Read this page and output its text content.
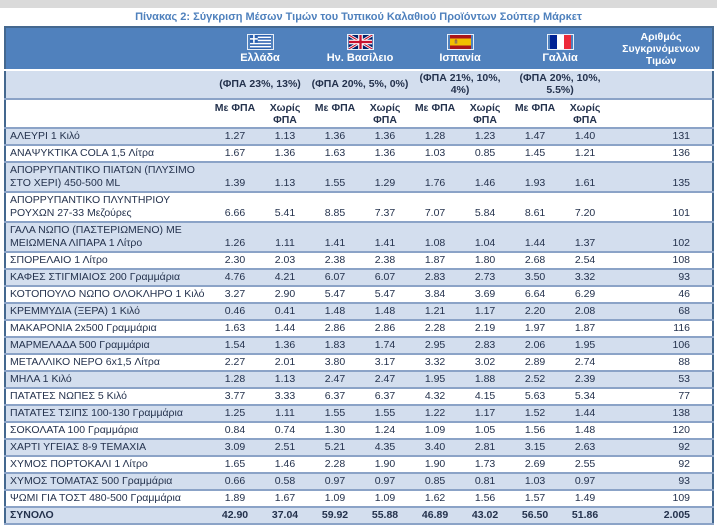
Πίνακας 2: Σύγκριση Μέσων Τιμών του Τυπικού Καλαθιού Προϊόντων Σούπερ Μάρκετ

	Ελλάδα		Ην. Βασίλειο		Ισπανία		Γαλλία		Αριθμός Συγκρινόμενων Τιμών

	(ΦΠΑ 23%, 13%)		(ΦΠΑ 20%, 5%, 0%)		(ΦΠΑ 21%, 10%, 4%)		(ΦΠΑ 20%, 10%, 5.5%)		
	Με ΦΠΑ	Χωρίς ΦΠΑ	Με ΦΠΑ	Χωρίς ΦΠΑ	Με ΦΠΑ	Χωρίς ΦΠΑ	Με ΦΠΑ	Χωρίς ΦΠΑ	
ΑΛΕΥΡΙ 1 Κιλό	1.27	1.13	1.36	1.36	1.28	1.23	1.47	1.40	131
ΑΝΑΨΥΚΤΙΚΑ COLA 1,5 Λίτρα	1.67	1.36	1.63	1.36	1.03	0.85	1.45	1.21	136
ΑΠΟΡΡΥΠΑΝΤΙΚΟ ΠΙΑΤΩΝ (ΠΛΥΣΙΜΟ ΣΤΟ ΧΕΡΙ) 450-500 ML	1.39	1.13	1.55	1.29	1.76	1.46	1.93	1.61	135
ΑΠΟΡΡΥΠΑΝΤΙΚΟ ΠΛΥΝΤΗΡΙΟΥ ΡΟΥΧΩΝ 27-33 Μεζούρες	6.66	5.41	8.85	7.37	7.07	5.84	8.61	7.20	101
ΓΑΛΑ ΝΩΠΟ (ΠΑΣΤΕΡΙΩΜΕΝΟ) ΜΕ ΜΕΙΩΜΕΝΑ ΛΙΠΑΡΑ 1 Λίτρο	1.26	1.11	1.41	1.41	1.08	1.04	1.44	1.37	102
ΣΠΟΡΕΛΑΙΟ 1 Λίτρο	2.30	2.03	2.38	2.38	1.87	1.80	2.68	2.54	108
ΚΑΦΕΣ ΣΤΙΓΜΙΑΙΟΣ 200 Γραμμάρια	4.76	4.21	6.07	6.07	2.83	2.73	3.50	3.32	93
ΚΟΤΟΠΟΥΛΟ ΝΩΠΟ ΟΛΟΚΛΗΡΟ 1 Κιλό	3.27	2.90	5.47	5.47	3.84	3.69	6.64	6.29	46
ΚΡΕΜΜΥΔΙΑ (ΞΕΡΑ) 1 Κιλό	0.46	0.41	1.48	1.48	1.21	1.17	2.20	2.08	68
ΜΑΚΑΡΟΝΙΑ 2x500 Γραμμάρια	1.63	1.44	2.86	2.86	2.28	2.19	1.97	1.87	116
ΜΑΡΜΕΛΑΔΑ 500 Γραμμάρια	1.54	1.36	1.83	1.74	2.95	2.83	2.06	1.95	106
ΜΕΤΑΛΛΙΚΟ ΝΕΡΟ 6x1,5 Λίτρα	2.27	2.01	3.80	3.17	3.32	3.02	2.89	2.74	88
ΜΗΛΑ 1 Κιλό	1.28	1.13	2.47	2.47	1.95	1.88	2.52	2.39	53
ΠΑΤΑΤΕΣ ΝΩΠΕΣ 5 Κιλό	3.77	3.33	6.37	6.37	4.32	4.15	5.63	5.34	77
ΠΑΤΑΤΕΣ ΤΣΙΠΣ 100-130 Γραμμάρια	1.25	1.11	1.55	1.55	1.22	1.17	1.52	1.44	138
ΣΟΚΟΛΑΤΑ 100 Γραμμάρια	0.84	0.74	1.30	1.24	1.09	1.05	1.56	1.48	120
ΧΑΡΤΙ ΥΓΕΙΑΣ 8-9 ΤΕΜΑΧΙΑ	3.09	2.51	5.21	4.35	3.40	2.81	3.15	2.63	92
ΧΥΜΟΣ ΠΟΡΤΟΚΑΛΙ 1 Λίτρο	1.65	1.46	2.28	1.90	1.90	1.73	2.69	2.55	92
ΧΥΜΟΣ ΤΟΜΑΤΑΣ 500 Γραμμάρια	0.66	0.58	0.97	0.97	0.85	0.81	1.03	0.97	93
ΨΩΜΙ ΓΙΑ ΤΟΣΤ 480-500 Γραμμάρια	1.89	1.67	1.09	1.09	1.62	1.56	1.57	1.49	109
ΣΥΝΟΛΟ	42.90	37.04	59.92	55.88	46.89	43.02	56.50	51.86	2.005
